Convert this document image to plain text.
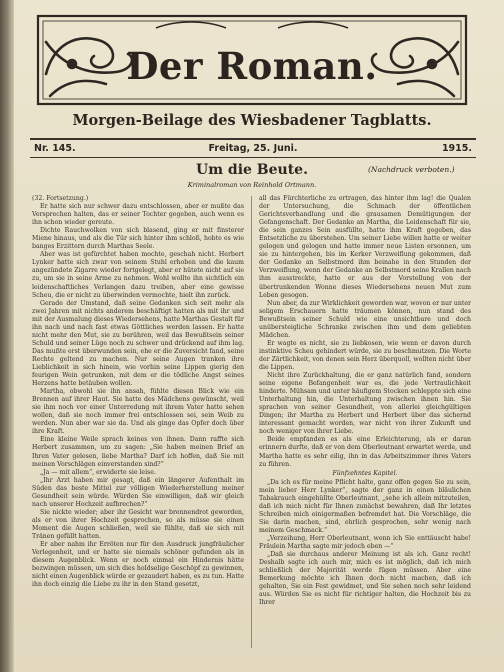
Der Roman.
Morgen-Beilage des Wiesbadener Tagblatts.
Nr. 145.	Freitag, 25. Juni.	1915.
Um die Beute.	(Nachdruck verboten.)
Kriminalroman von Reinhold Ortmann.

(32. Fortsetzung.)

Er hatte sich nur schwer dazu entschlossen, aber er mußte das Versprechen halten, das er seiner Tochter gegeben, auch wenn es ihn schon wieder gereute.

Dichte Rauchwolken von sich blasend, ging er mit finsterer Miene hinaus, und als die Tür sich hinter ihm schloß, hobte es wie banges Erzittern durch Marthas Seele.

Aber was ist gefürchtet haben mochte, geschah nicht. Herbert Lynker hatte sich zwar von seinem Stuhl erhoben und die kaum angezündete Zigarre wieder fortgelegt, aber er hütete nicht auf sie zu, um sie in seine Arme zu nehmen. Wohl wollte ihn sichtlich ein leidenschaftliches Verlangen dazu treiben, aber eine gewisse Scheu, die er nicht zu überwinden vermochte, hielt ihn zurück.

Gerade der Umstand, daß seine Gedanken sich seit mehr als zwei Jahren mit nichts anderem beschäftigt hatten als mit ihr und mit der Ausmalung dieses Wiedersehens, hatte Marthas Gestalt für ihn nach und nach fast etwas Göttliches werden lassen. Er hatte nicht mehr den Mut, sie zu berühren, weil das Bewußtsein seiner Schuld und seiner Lüge noch zu schwer und drückend auf ihm lag. Das mußte erst überwunden sein, ehe er die Zuversicht fand, seine Rechte geltend zu machen. Nur seine Augen tranken ihre Lieblichkeit in sich hinein, wie vorhin seine Lippen gierig den feurigen Wein getrunken, mit dem er die tödliche Angst seines Herzens hatte betäuben wollen.

Martha, obwohl sie ihn ansah, fühlte diesen Blick wie ein Brennen auf ihrer Haut. Sie hatte des Mädchens gewünscht, weil sie ihm noch vor einer Unterredung mit ihrem Vater hatte sehen wollen, daß sie noch immer frei entschlossen sei, sein Weib zu werden. Nun aber war sie da. Und als ginge das Opfer doch über ihre Kraft.

Eine kleine Weile sprach keines von ihnen. Dann raffte sich Herbert zusammen, um zu sagen: „Sie haben meinen Brief an Ihren Vater gelesen, liebe Martha? Darf ich hoffen, daß Sie mit meinen Vorschlägen einverstanden sind?“

„Ja — mit allem“, erwiderte sie leise.

„Ihr Arzt haben mir gesagt, daß ein längerer Aufenthalt im Süden das beste Mittel zur völligen Wiederherstellung meiner Gesundheit sein würde. Würden Sie einwilligen, daß wir gleich nach unserer Hochzeit aufbrechen?“

Sie nickte wieder; aber ihr Gesicht war brennendrot geworden, als er von ihrer Hochzeit gesprochen, so als müsse sie einen Moment die Augen schließen, weil sie fühlte, daß sie sich mit Tränen gefüllt hatten.

Er aber nahm ihr Erröten nur für den Ausdruck jungfräulicher Verlegenheit, und er hatte sie niemals schöner gefunden als in diesem Augenblick. Wenn er noch einmal ein Hindernis hätte bezwingen müssen, um sich dies holdselige Geschöpf zu gewinnen, nicht einen Augenblick würde er gezaudert haben, es zu tun. Hatte ihn doch einzig die Liebe zu ihr in den Stand gesetzt,

all das Fürchterliche zu ertragen, das hinter ihm lag! die Qualen der Untersuchung, die Schmach der öffentlichen Gerichtsverhandlung und die grausamen Demütigungen der Gefangenschaft. Der Gedanke an Martha, die Leidenschaft für sie, die sein ganzes Sein ausfüllte, hatte ihm Kraft gegeben, das Entsetzliche zu überstehen. Um seiner Liebe willen hatte er weiter gelogen und gelogen und hatte immer neue Listen ersonnen, um sie zu hintergehen, bis im Kerker Verzweiflung gekommen, daß der Gedanke an Selbstmord ihm beinahe in den Stunden der Verzweiflung, wenn der Gedanke an Selbstmord seine Krallen nach ihm ausstreckte, hatte er aus der Vorstellung von der übertrunkenden Wonne dieses Wiedersehens neuen Mut zum Leben gesogen.

Nun aber, da zur Wirklichkeit geworden war, wovon er nur unter seligem Erschauern hatte träumen können, nun stand des Bewußtsein seiner Schuld wie eine unsichtbare und doch unübersteigliche Schranke zwischen ihm und dem geliebten Mädchen.

Er wagte es nicht, sie zu liebkosen, wie wenn er davon durch instinktive Scheu gehindert würde, sie zu beschmutzen. Die Worte der Zärtlichkeit, von denen sein Herz überquoll, wollten nicht über die Lippen.

Nicht ihre Zurückhaltung, die er ganz natürlich fand, sondern seine eigene Befangenheit war es, die jede Vertraulichkeit hinderte. Mühsam und unter häufigem Stocken schleppte sich eine Unterhaltung hin, die Unterhaltung zwischen ihnen hin. Sie sprachen von seiner Gesundheit, von allerlei gleichgültigen Dingen; ihr Martha zu Herbert und Herbert über das sichernd interessant gemacht worden, war nicht von ihrer Zukunft und noch weniger von ihrer Liebe.

Beide empfanden es als eine Erleichterung, als er daran erinnern durfte, daß er von dem Oberleutnant erwartet werde, und Martha hatte es sehr eilig, ihn in das Arbeitszimmer ihres Vaters zu führen.

Fünfzehntes Kapitel.

„Da ich es für meine Pflicht halte, ganz offen gegen Sie zu sein, mein lieber Herr Lynker“, sagte der ganz in einen bläulichen Tabakrauch eingehüllte Oberleutnant, „sehe ich allein mitzuteilen, daß ich mich nicht für Ihnen zunächst bewahren, daß Ihr letztes Schreiben mich einigermaßen befremdet hat. Die Vorschläge, die Sie darin machen, sind, ehrlich gesprochen, sehr wenig nach meinem Geschmack.“

„Verzeihung, Herr Oberleutnant, wenn ich Sie enttäuscht habe! Fräulein Martha sagte mir jedoch eben —“

„Daß sie durchaus anderer Meinung ist als ich. Ganz recht! Deshalb sagte ich auch mir, mich es ist möglich, daß ich mich schließlich der Majorität werde fügen müssen. Aber eine Bemerkung möchte ich Ihnen doch nicht machen, daß ich gehalten, Sie ein Fest gewidmet, und Sie sehen noch sehr leidend aus. Würden Sie es nicht für richtiger halten, die Hochzeit bis zu Ihrer
